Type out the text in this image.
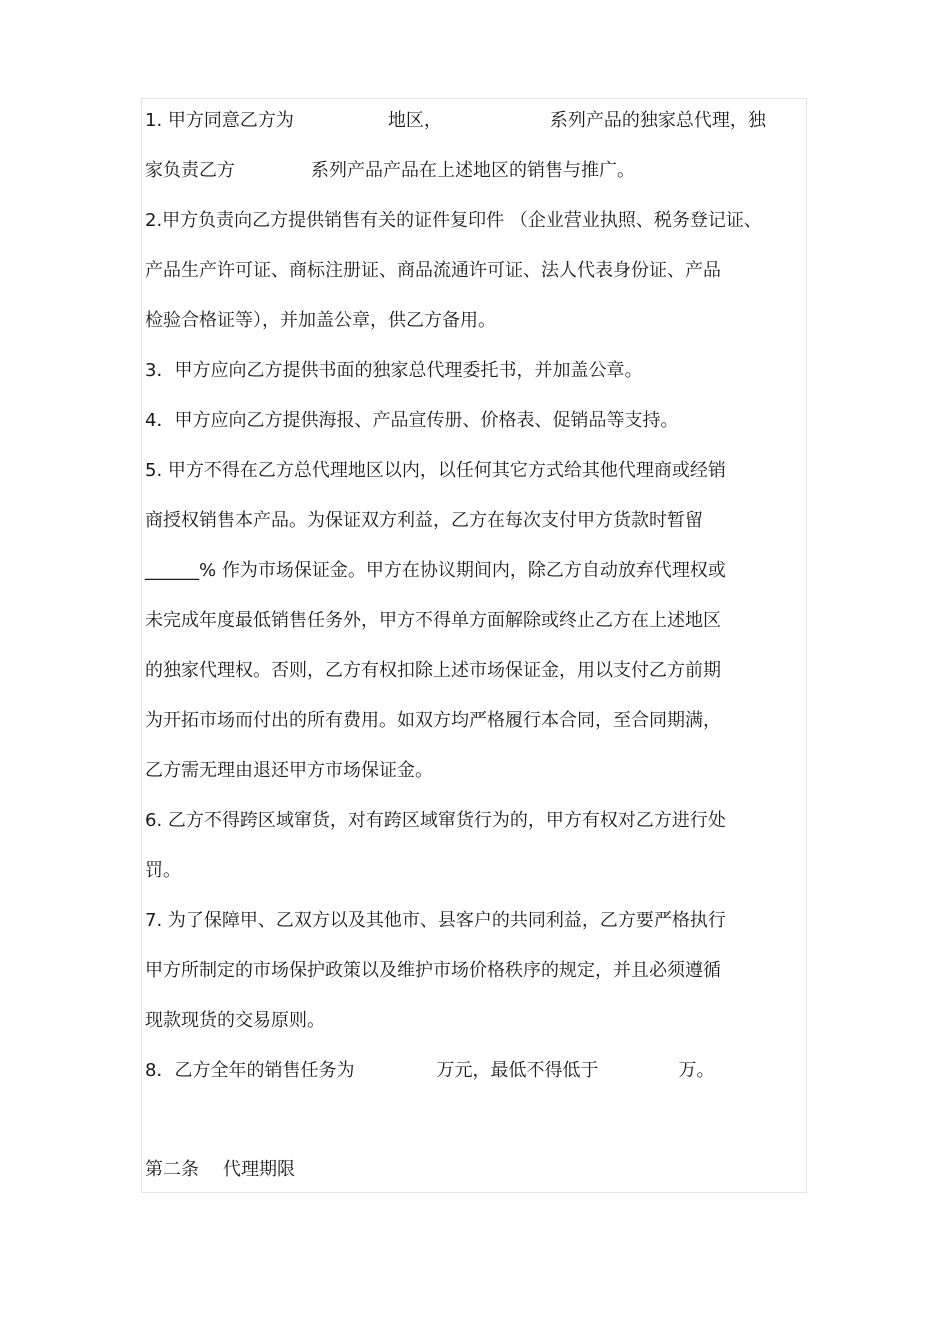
1. 甲方同意乙方为	地区，	系列产品的独家总代理，独
家负责乙方	系列产品产品在上述地区的销售与推广。
2.甲方负责向乙方提供销售有关的证件复印件 （企业营业执照、税务登记证、
产品生产许可证、商标注册证、商品流通许可证、法人代表身份证、产品
检验合格证等），并加盖公章，供乙方备用。
3．甲方应向乙方提供书面的独家总代理委托书，并加盖公章。
4．甲方应向乙方提供海报、产品宣传册、价格表、促销品等支持。
5. 甲方不得在乙方总代理地区以内，以任何其它方式给其他代理商或经销
商授权销售本产品。为保证双方利益，乙方在每次支付甲方货款时暂留
______% 作为市场保证金。甲方在协议期间内，除乙方自动放弃代理权或
未完成年度最低销售任务外，甲方不得单方面解除或终止乙方在上述地区
的独家代理权。否则，乙方有权扣除上述市场保证金，用以支付乙方前期
为开拓市场而付出的所有费用。如双方均严格履行本合同，至合同期满，
乙方需无理由退还甲方市场保证金。
6. 乙方不得跨区域窜货，对有跨区域窜货行为的，甲方有权对乙方进行处
罚。
7. 为了保障甲、乙双方以及其他市、县客户的共同利益，乙方要严格执行
甲方所制定的市场保护政策以及维护市场价格秩序的规定，并且必须遵循
现款现货的交易原则。
8．乙方全年的销售任务为	万元，最低不得低于	万。
第二条 代理期限
